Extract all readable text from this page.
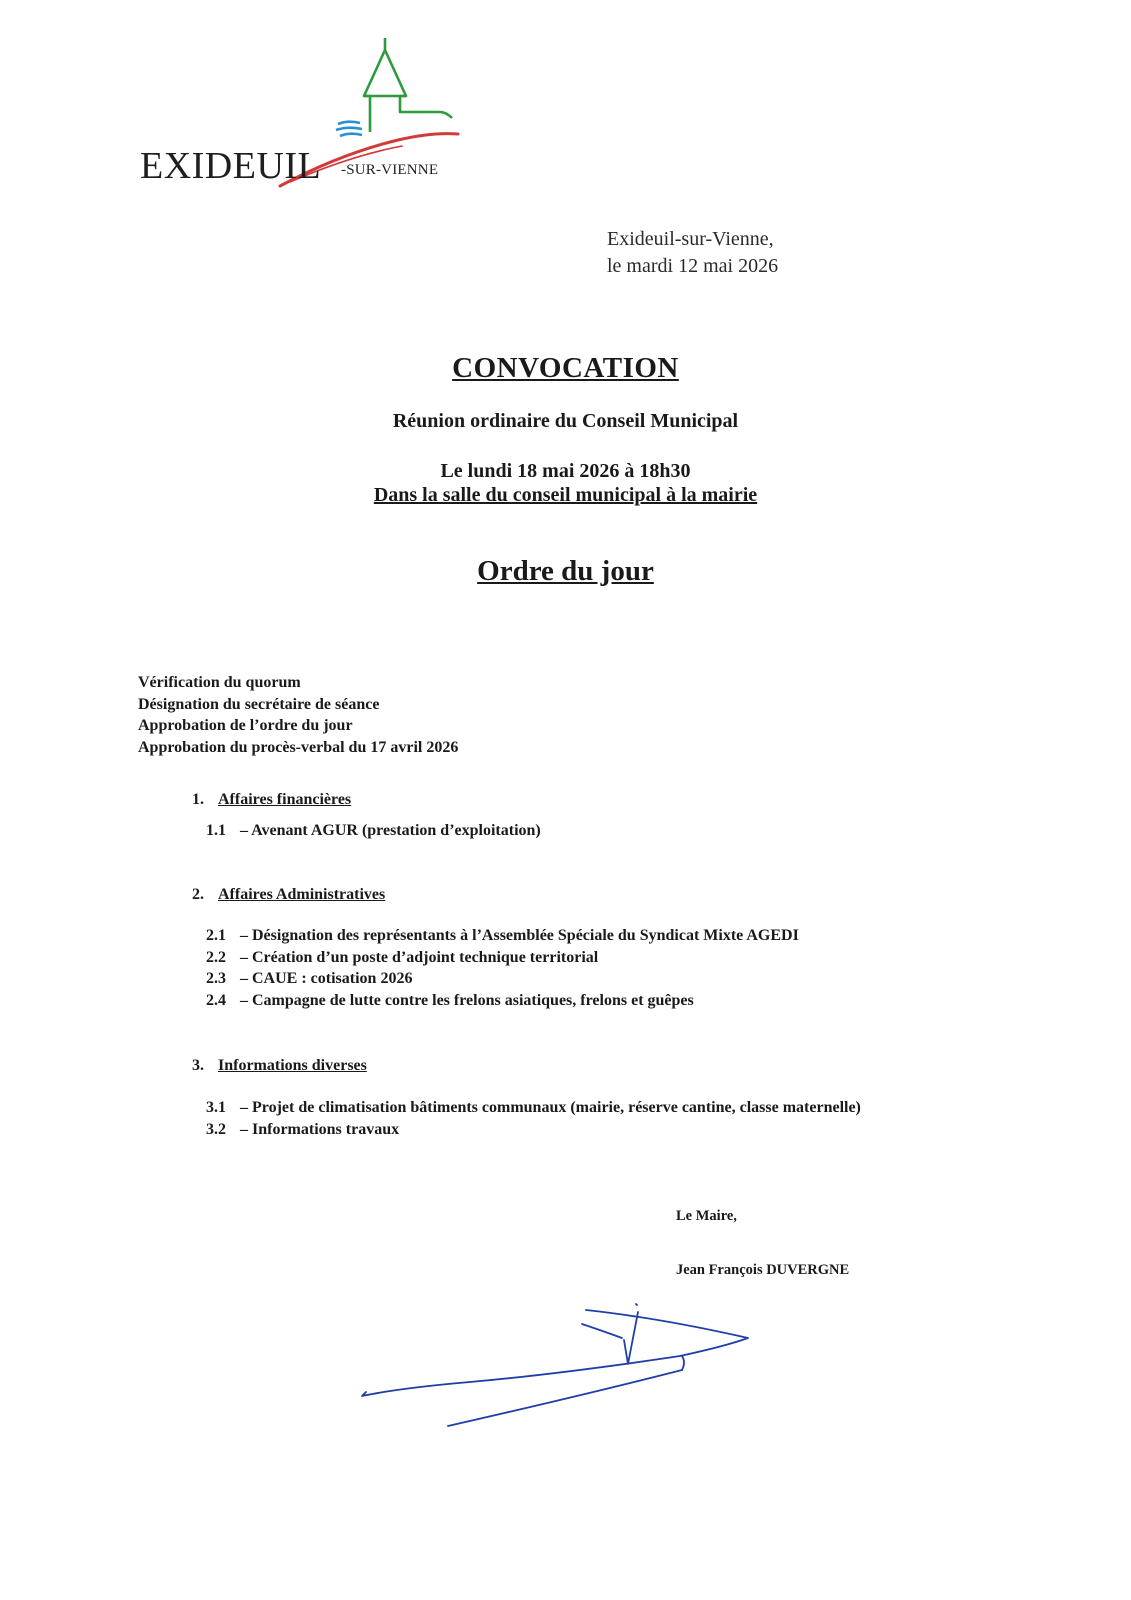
EXIDEUIL -SUR-VIENNE
Exideuil-sur-Vienne,
le mardi 12 mai 2026
CONVOCATION
Réunion ordinaire du Conseil Municipal
Le lundi 18 mai 2026 à 18h30
Dans la salle du conseil municipal à la mairie
Ordre du jour
Vérification du quorum
Désignation du secrétaire de séance
Approbation de l’ordre du jour
Approbation du procès-verbal du 17 avril 2026
1. Affaires financières
1.1 – Avenant AGUR (prestation d’exploitation)
2. Affaires Administratives
2.1 – Désignation des représentants à l’Assemblée Spéciale du Syndicat Mixte AGEDI
2.2 – Création d’un poste d’adjoint technique territorial
2.3 – CAUE : cotisation 2026
2.4 – Campagne de lutte contre les frelons asiatiques, frelons et guêpes
3. Informations diverses
3.1 – Projet de climatisation bâtiments communaux (mairie, réserve cantine, classe maternelle)
3.2 – Informations travaux
Le Maire,
Jean François DUVERGNE
